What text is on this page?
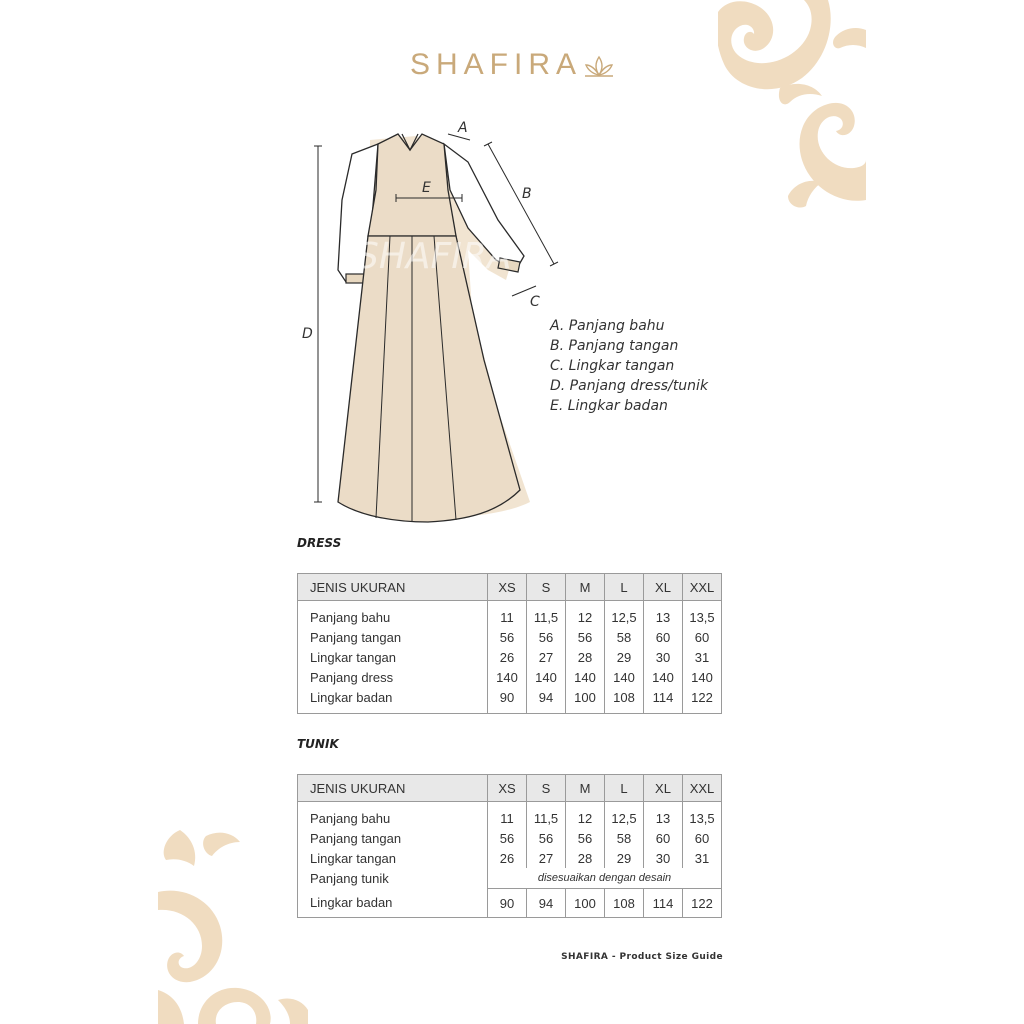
SHAFIRA
SHAFIRA
A
B
C
D
E
A. Panjang bahu
B. Panjang tangan
C. Lingkar tangan
D. Panjang dress/tunik
E. Lingkar badan
DRESS
JENIS UKURAN	XS	S	M	L	XL	XXL

Panjang bahu	11	11,5	12	12,5	13	13,5
Panjang tangan	56	56	56	58	60	60
Lingkar tangan	26	27	28	29	30	31
Panjang dress	140	140	140	140	140	140
Lingkar badan	90	94	100	108	114	122

TUNIK
JENIS UKURAN	XS	S	M	L	XL	XXL

Panjang bahu	11	11,5	12	12,5	13	13,5
Panjang tangan	56	56	56	58	60	60
Lingkar tangan	26	27	28	29	30	31
Panjang tunik	disesuaikan dengan desain					
Lingkar badan	90	94	100	108	114	122
SHAFIRA - Product Size Guide
